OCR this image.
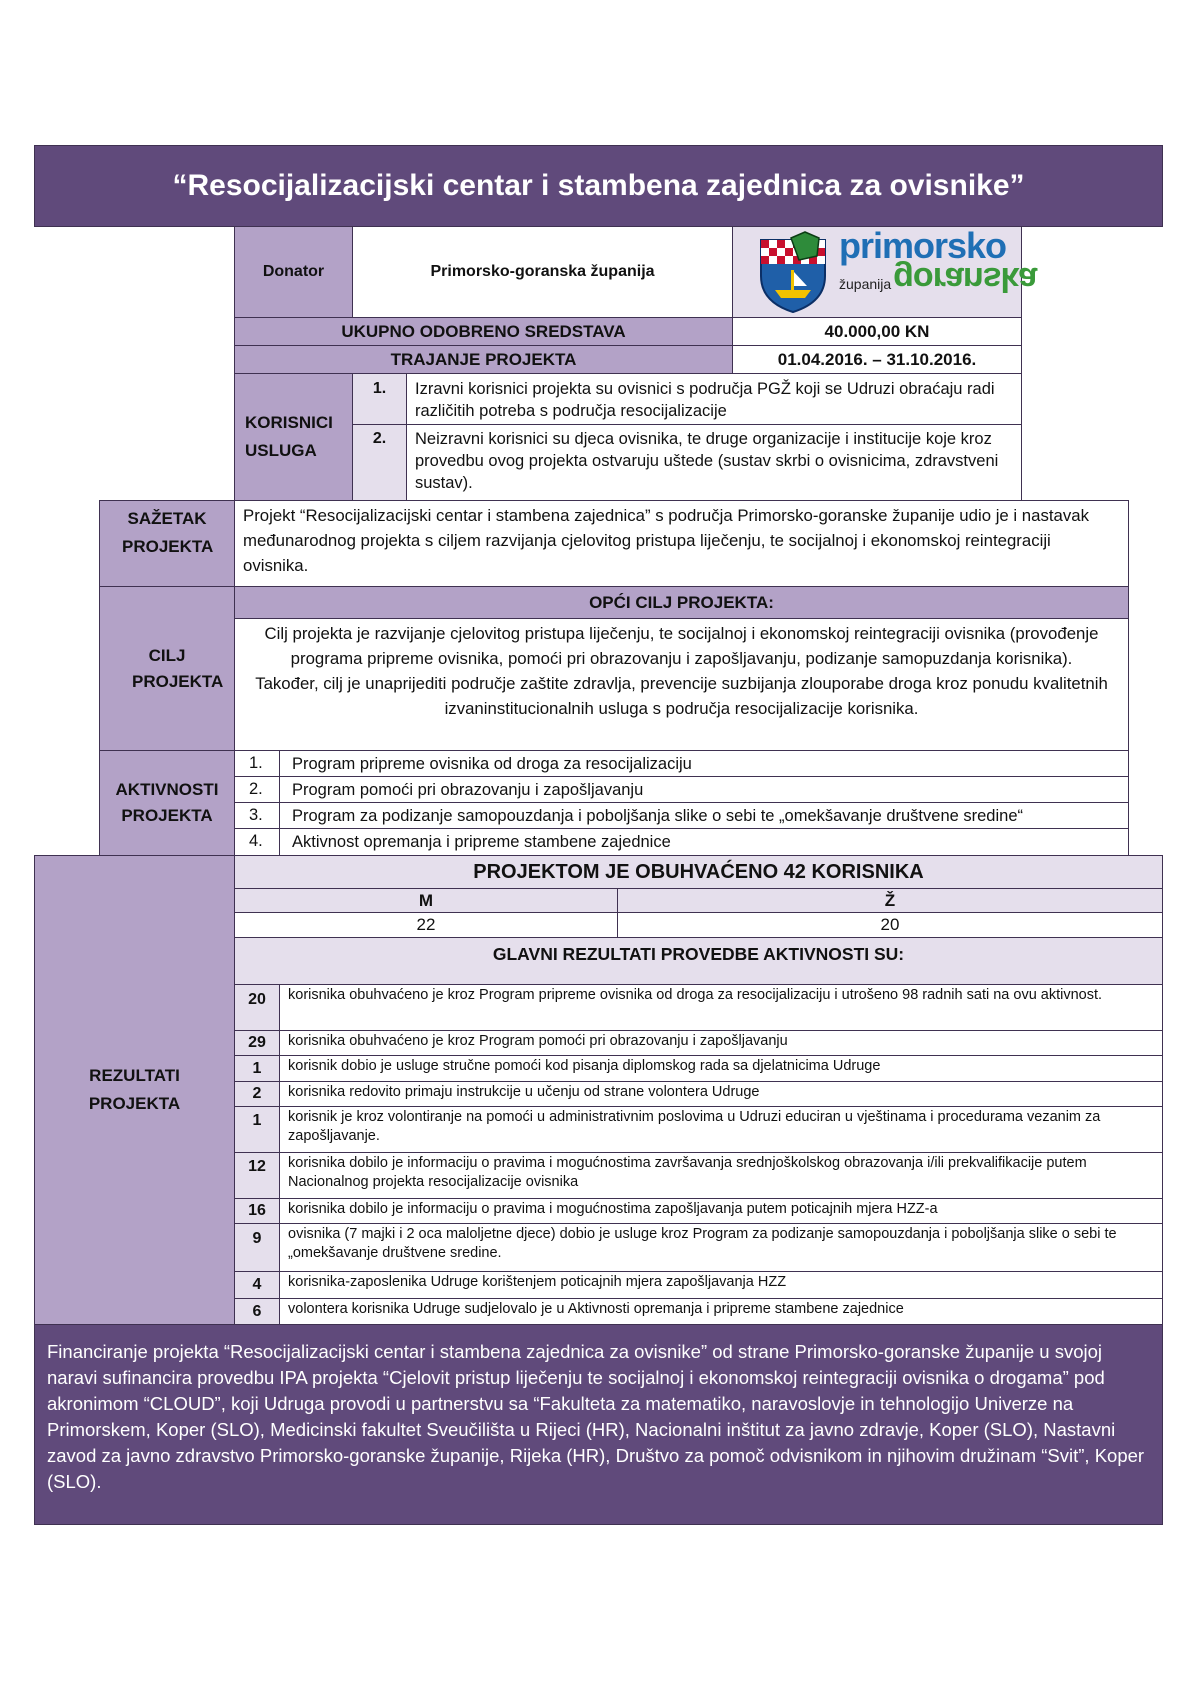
“Resocijalizacijski centar i stambena zajednica za ovisnike”
Donator	Primorsko-goranska županija
primorsko
županija goranska
UKUPNO ODOBRENO SREDSTAVA	40.000,00 KN
TRAJANJE PROJEKTA	01.04.2016. – 31.10.2016.
KORISNICI USLUGA
1.	Izravni korisnici projekta su ovisnici s područja PGŽ koji se Udruzi obraćaju radi različitih potreba s područja resocijalizacije
2.	Neizravni korisnici su djeca ovisnika, te druge organizacije i institucije koje kroz provedbu ovog projekta ostvaruju uštede (sustav skrbi o ovisnicima, zdravstveni sustav).
SAŽETAK PROJEKTA
Projekt “Resocijalizacijski centar i stambena zajednica” s područja Primorsko-goranske županije udio je i nastavak međunarodnog projekta s ciljem razvijanja cjelovitog pristupa liječenju, te socijalnoj i ekonomskoj reintegraciji ovisnika.
CILJ PROJEKTA
OPĆI CILJ PROJEKTA:
Cilj projekta je razvijanje cjelovitog pristupa liječenju, te socijalnoj i ekonomskoj reintegraciji ovisnika (provođenje programa pripreme ovisnika, pomoći pri obrazovanju i zapošljavanju, podizanje samopuzdanja korisnika).
Također, cilj je unaprijediti područje zaštite zdravlja, prevencije suzbijanja zlouporabe droga kroz ponudu kvalitetnih izvaninstitucionalnih usluga s područja resocijalizacije korisnika.
AKTIVNOSTI PROJEKTA
1.	Program pripreme ovisnika od droga za resocijalizaciju
2.	Program pomoći pri obrazovanju i zapošljavanju
3.	Program za podizanje samopouzdanja i poboljšanja slike o sebi te „omekšavanje društvene sredine“
4.	Aktivnost opremanja i pripreme stambene zajednice
REZULTATI PROJEKTA
PROJEKTOM JE OBUHVAĆENO 42 KORISNIKA
M	Ž
22	20
GLAVNI REZULTATI PROVEDBE AKTIVNOSTI SU:
20	korisnika obuhvaćeno je kroz Program pripreme ovisnika od droga za resocijalizaciju i utrošeno 98 radnih sati na ovu aktivnost.
29	korisnika obuhvaćeno je kroz Program pomoći pri obrazovanju i zapošljavanju
1	korisnik dobio je usluge stručne pomoći kod pisanja diplomskog rada sa djelatnicima Udruge
2	korisnika redovito primaju instrukcije u učenju od strane volontera Udruge
1	korisnik je kroz volontiranje na pomoći u administrativnim poslovima u Udruzi educiran u vještinama i procedurama vezanim za zapošljavanje.
12	korisnika dobilo je informaciju o pravima i mogućnostima završavanja srednjoškolskog obrazovanja i/ili prekvalifikacije putem Nacionalnog projekta resocijalizacije ovisnika
16	korisnika dobilo je informaciju o pravima i mogućnostima zapošljavanja putem poticajnih mjera HZZ-a
9	ovisnika (7 majki i 2 oca maloljetne djece) dobio je usluge kroz Program za podizanje samopouzdanja i poboljšanja slike o sebi te „omekšavanje društvene sredine.
4	korisnika-zaposlenika Udruge korištenjem poticajnih mjera zapošljavanja HZZ
6	volontera korisnika Udruge sudjelovalo je u Aktivnosti opremanja i pripreme stambene zajednice
Financiranje projekta “Resocijalizacijski centar i stambena zajednica za ovisnike” od strane Primorsko-goranske županije u svojoj naravi sufinancira provedbu IPA projekta “Cjelovit pristup liječenju te socijalnoj i ekonomskoj reintegraciji ovisnika o drogama” pod akronimom “CLOUD”, koji Udruga provodi u partnerstvu sa “Fakulteta za matematiko, naravoslovje in tehnologijo Univerze na Primorskem, Koper (SLO), Medicinski fakultet Sveučilišta u Rijeci (HR), Nacionalni inštitut za javno zdravje, Koper (SLO), Nastavni zavod za javno zdravstvo Primorsko-goranske županije, Rijeka (HR), Društvo za pomoč odvisnikom in njihovim družinam “Svit”, Koper (SLO).
